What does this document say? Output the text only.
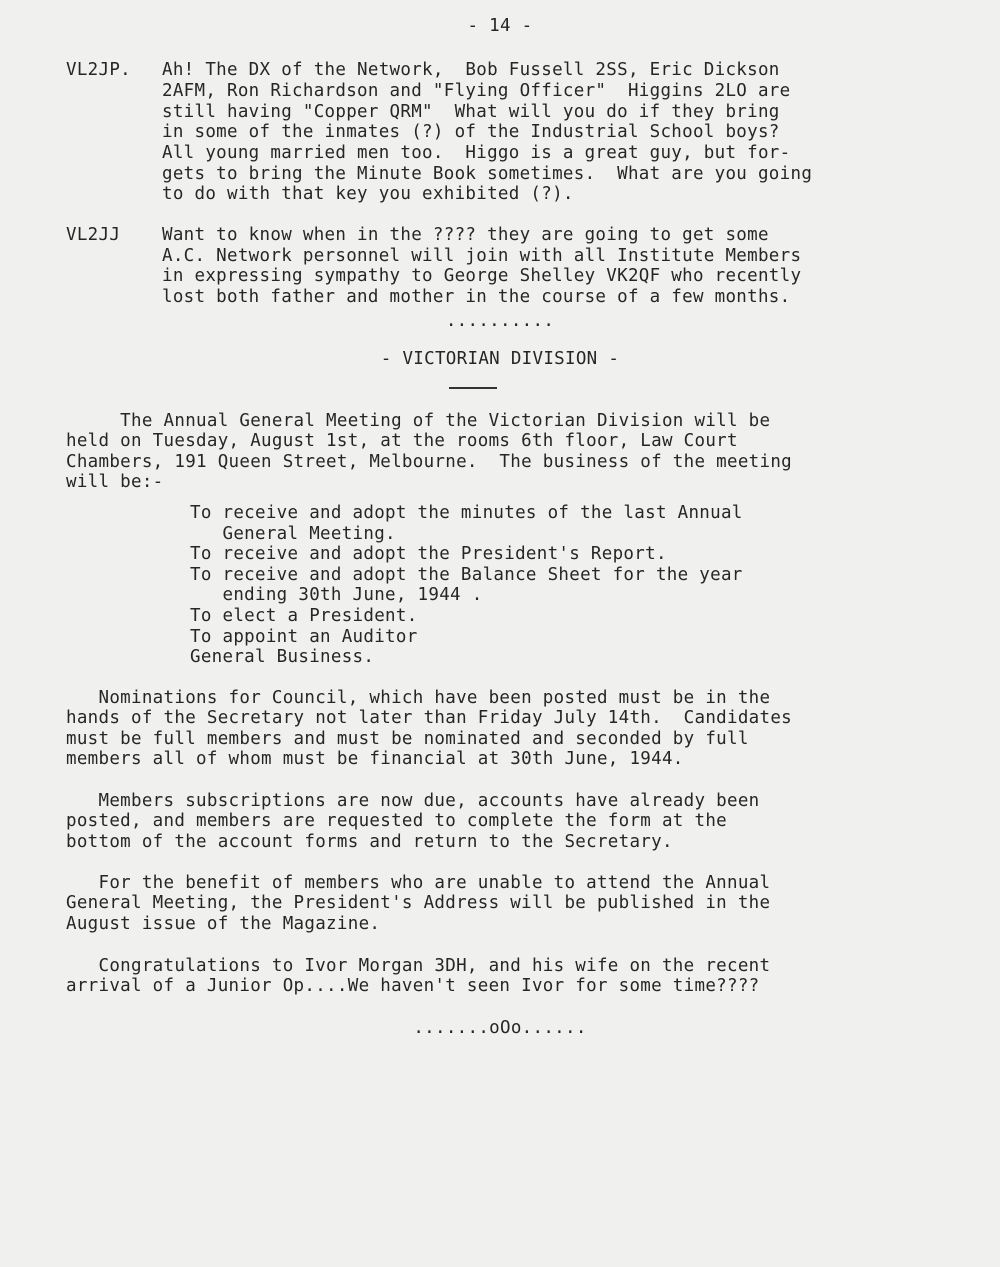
- 14 -
VL2JP. Ah! The DX of the Network,  Bob Fussell 2SS, Eric Dickson
2AFM, Ron Richardson and "Flying Officer"  Higgins 2LO are
still having "Copper QRM"  What will you do if they bring
in some of the inmates (?) of the Industrial School boys?
All young married men too.  Higgo is a great guy, but for-
gets to bring the Minute Book sometimes.  What are you going
to do with that key you exhibited (?).
VL2JJ Want to know when in the ???? they are going to get some
A.C. Network personnel will join with all Institute Members
in expressing sympathy to George Shelley VK2QF who recently
lost both father and mother in the course of a few months.
..........
- VICTORIAN DIVISION -
The Annual General Meeting of the Victorian Division will be
held on Tuesday, August 1st, at the rooms 6th floor, Law Court
Chambers, 191 Queen Street, Melbourne.  The business of the meeting
will be:-
To receive and adopt the minutes of the last Annual
General Meeting.
To receive and adopt the President's Report.
To receive and adopt the Balance Sheet for the year
ending 30th June, 1944 .
To elect a President.
To appoint an Auditor
General Business.
Nominations for Council, which have been posted must be in the
hands of the Secretary not later than Friday July 14th.  Candidates
must be full members and must be nominated and seconded by full
members all of whom must be financial at 30th June, 1944.
Members subscriptions are now due, accounts have already been
posted, and members are requested to complete the form at the
bottom of the account forms and return to the Secretary.
For the benefit of members who are unable to attend the Annual
General Meeting, the President's Address will be published in the
August issue of the Magazine.
Congratulations to Ivor Morgan 3DH, and his wife on the recent
arrival of a Junior Op....We haven't seen Ivor for some time????
.......oOo......
